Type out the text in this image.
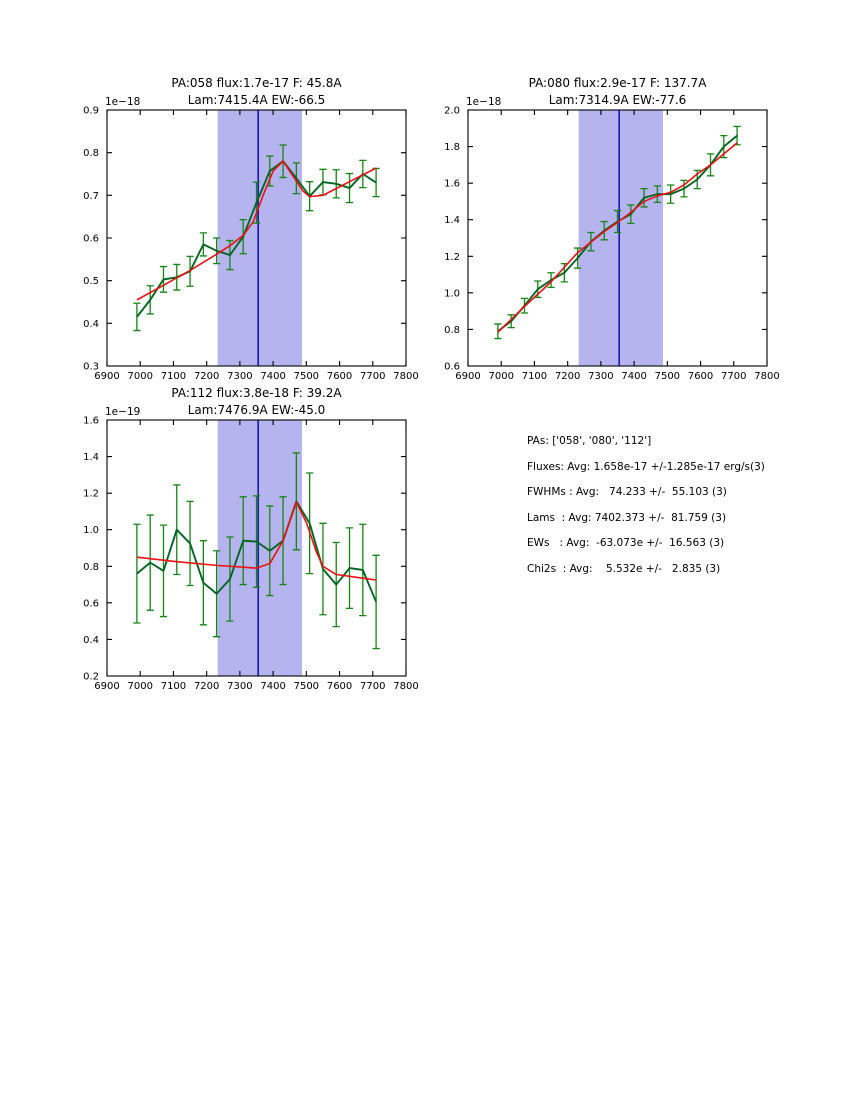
6900 7000 7100 7200 7300 7400 7500 7600 7700 7800
0.3
0.4
0.5
0.6
0.7
0.8
0.9
1e−18
PA:058 flux:1.7e-17 F: 45.8A
Lam:7415.4A EW:-66.5
6900 7000 7100 7200 7300 7400 7500 7600 7700 7800
0.6
0.8
1.0
1.2
1.4
1.6
1.8
2.0
1e−18
PA:080 flux:2.9e-17 F: 137.7A
Lam:7314.9A EW:-77.6
6900 7000 7100 7200 7300 7400 7500 7600 7700 7800
0.2
0.4
0.6
0.8
1.0
1.2
1.4
1.6
1e−19
PA:112 flux:3.8e-18 F: 39.2A
Lam:7476.9A EW:-45.0
PAs: ['058', '080', '112']
Fluxes: Avg: 1.658e-17 +/-1.285e-17 erg/s(3)
FWHMs : Avg:   74.233 +/-  55.103 (3)
Lams  : Avg: 7402.373 +/-  81.759 (3)
EWs   : Avg:  -63.073e +/-  16.563 (3)
Chi2s  : Avg:    5.532e +/-   2.835 (3)
